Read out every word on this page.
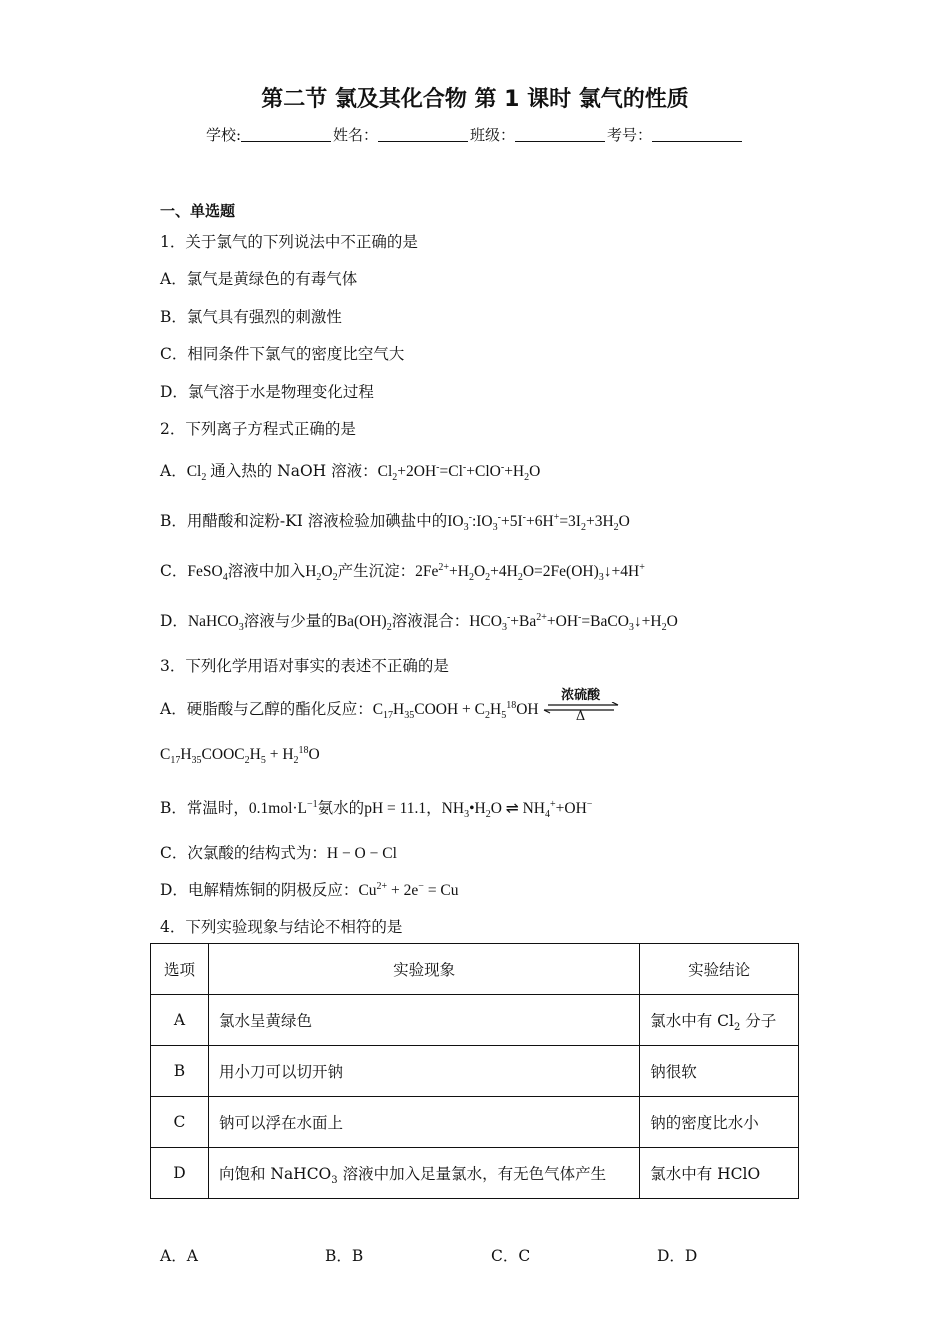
第二节 氯及其化合物 第 1 课时 氯气的性质
学校:	姓名：	班级：	考号：
一、单选题
1．关于氯气的下列说法中不正确的是
A．氯气是黄绿色的有毒气体
B．氯气具有强烈的刺激性
C．相同条件下氯气的密度比空气大
D．氯气溶于水是物理变化过程
2．下列离子方程式正确的是
A．$Cl_2$ 通入热的 NaOH 溶液：$Cl_2+2OH^-=Cl^-+ClO^-+H_2O$
B．用醋酸和淀粉-KI 溶液检验加碘盐中的$IO_3^-:IO_3^-+5I^-+6H^+=3I_2+3H_2O$
C．FeSO$_4$溶液中加入$H_2O_2$产生沉淀：$2Fe^{2+}+H_2O_2+4H_2O=2Fe(OH)_3↓+4H^+$
D．NaHCO$_3$溶液与少量的$Ba(OH)_2$溶液混合：$HCO_3^-+Ba^{2+}+OH^-=BaCO_3↓+H_2O$
3．下列化学用语对事实的表述不正确的是
A．硬脂酸与乙醇的酯化反应：$C_{17}H_{35}COOH + C_2H_5^{18}OH$
浓硫酸
Δ
$C_{17}H_{35}COOC_2H_5 + H_2^{18}O$
B．常温时，$0.1mol\cdot L^{-1}$氨水的pH = 11.1，$NH_3•H_2O$ ⇌ $NH_4^++OH^-$
C．次氯酸的结构式为：H − O − Cl
D．电解精炼铜的阴极反应：$Cu^{2+} + 2e^- = Cu$
4．下列实验现象与结论不相符的是
选项	实验现象	实验结论
A	氯水呈黄绿色	氯水中有 $Cl_2$ 分子
B	用小刀可以切开钠	钠很软
C	钠可以浮在水面上	钠的密度比水小
D	向饱和 NaHCO$_3$ 溶液中加入足量氯水，有无色气体产生	氯水中有 HClO
A．A	B．B	C．C	D．D
